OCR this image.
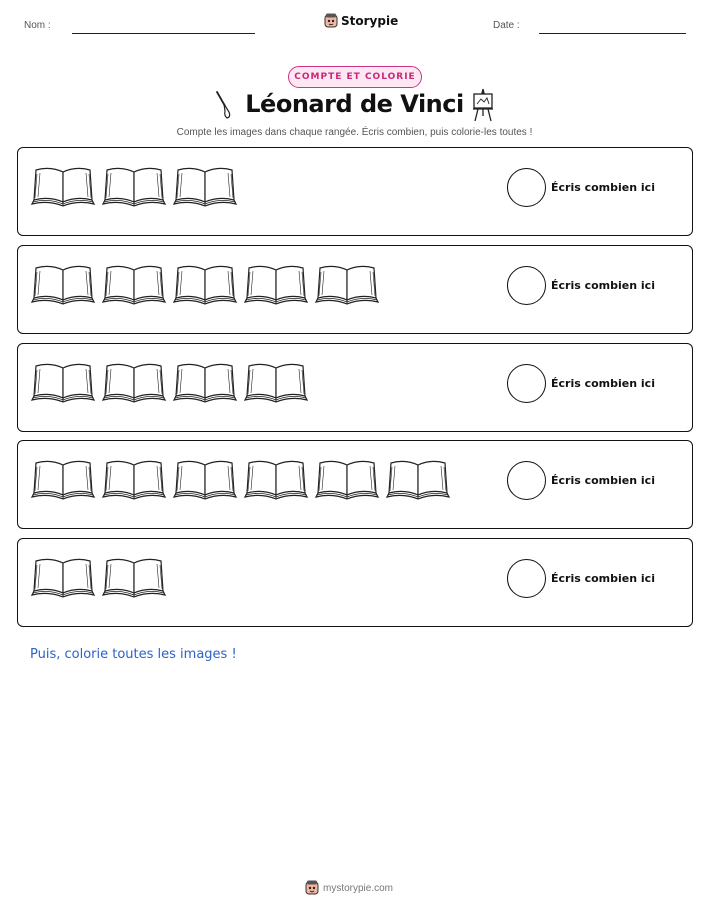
Nom :	Storypie	Date :
COMPTE ET COLORIE
Léonard de Vinci
Compte les images dans chaque rangée. Écris combien, puis colorie-les toutes !
Écris combien ici
Écris combien ici
Écris combien ici
Écris combien ici
Écris combien ici
Puis, colorie toutes les images !
mystorypie.com
